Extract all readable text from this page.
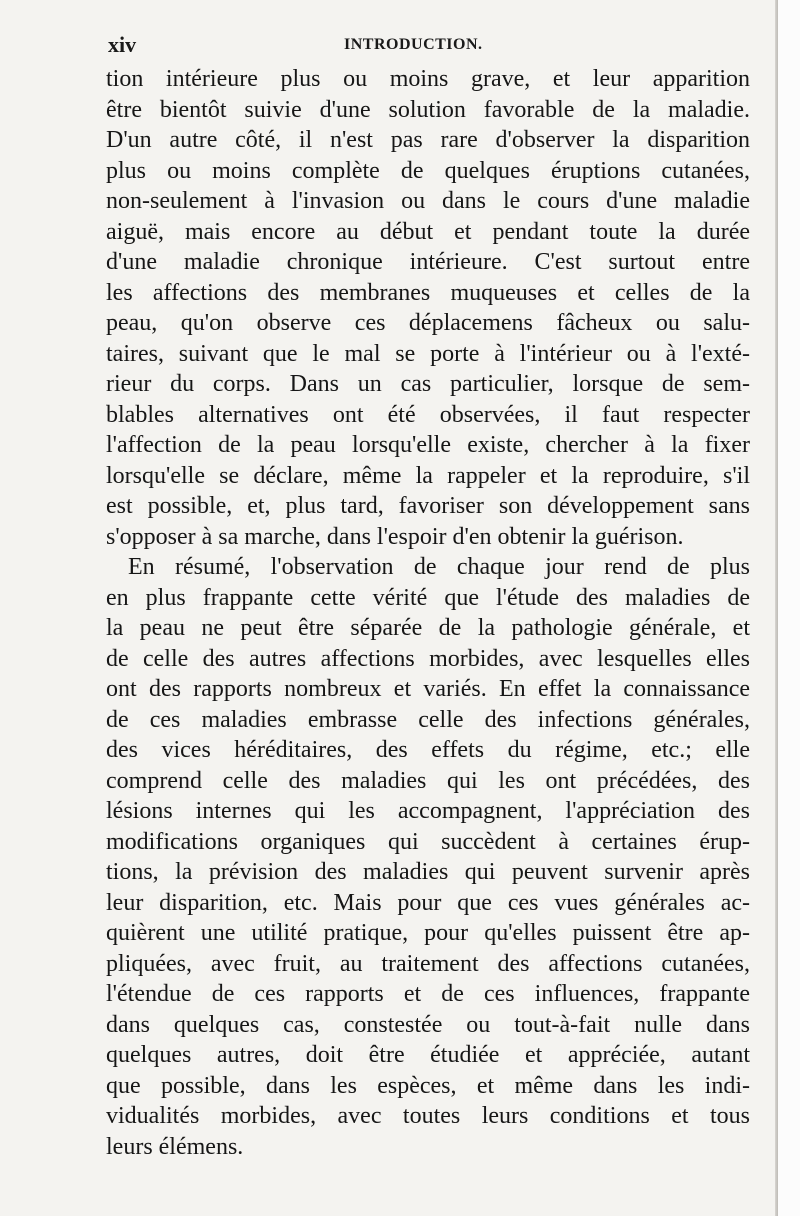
xiv	INTRODUCTION.
tion intérieure plus ou moins grave, et leur apparition
être bientôt suivie d'une solution favorable de la maladie.
D'un autre côté, il n'est pas rare d'observer la disparition
plus ou moins complète de quelques éruptions cutanées,
non-seulement à l'invasion ou dans le cours d'une maladie
aiguë, mais encore au début et pendant toute la durée
d'une maladie chronique intérieure. C'est surtout entre
les affections des membranes muqueuses et celles de la
peau, qu'on observe ces déplacemens fâcheux ou salu-
taires, suivant que le mal se porte à l'intérieur ou à l'exté-
rieur du corps. Dans un cas particulier, lorsque de sem-
blables alternatives ont été observées, il faut respecter
l'affection de la peau lorsqu'elle existe, chercher à la fixer
lorsqu'elle se déclare, même la rappeler et la reproduire, s'il
est possible, et, plus tard, favoriser son développement sans
s'opposer à sa marche, dans l'espoir d'en obtenir la guérison.
En résumé, l'observation de chaque jour rend de plus
en plus frappante cette vérité que l'étude des maladies de
la peau ne peut être séparée de la pathologie générale, et
de celle des autres affections morbides, avec lesquelles elles
ont des rapports nombreux et variés. En effet la connaissance
de ces maladies embrasse celle des infections générales,
des vices héréditaires, des effets du régime, etc.; elle
comprend celle des maladies qui les ont précédées, des
lésions internes qui les accompagnent, l'appréciation des
modifications organiques qui succèdent à certaines érup-
tions, la prévision des maladies qui peuvent survenir après
leur disparition, etc. Mais pour que ces vues générales ac-
quièrent une utilité pratique, pour qu'elles puissent être ap-
pliquées, avec fruit, au traitement des affections cutanées,
l'étendue de ces rapports et de ces influences, frappante
dans quelques cas, constestée ou tout-à-fait nulle dans
quelques autres, doit être étudiée et appréciée, autant
que possible, dans les espèces, et même dans les indi-
vidualités morbides, avec toutes leurs conditions et tous
leurs élémens.
